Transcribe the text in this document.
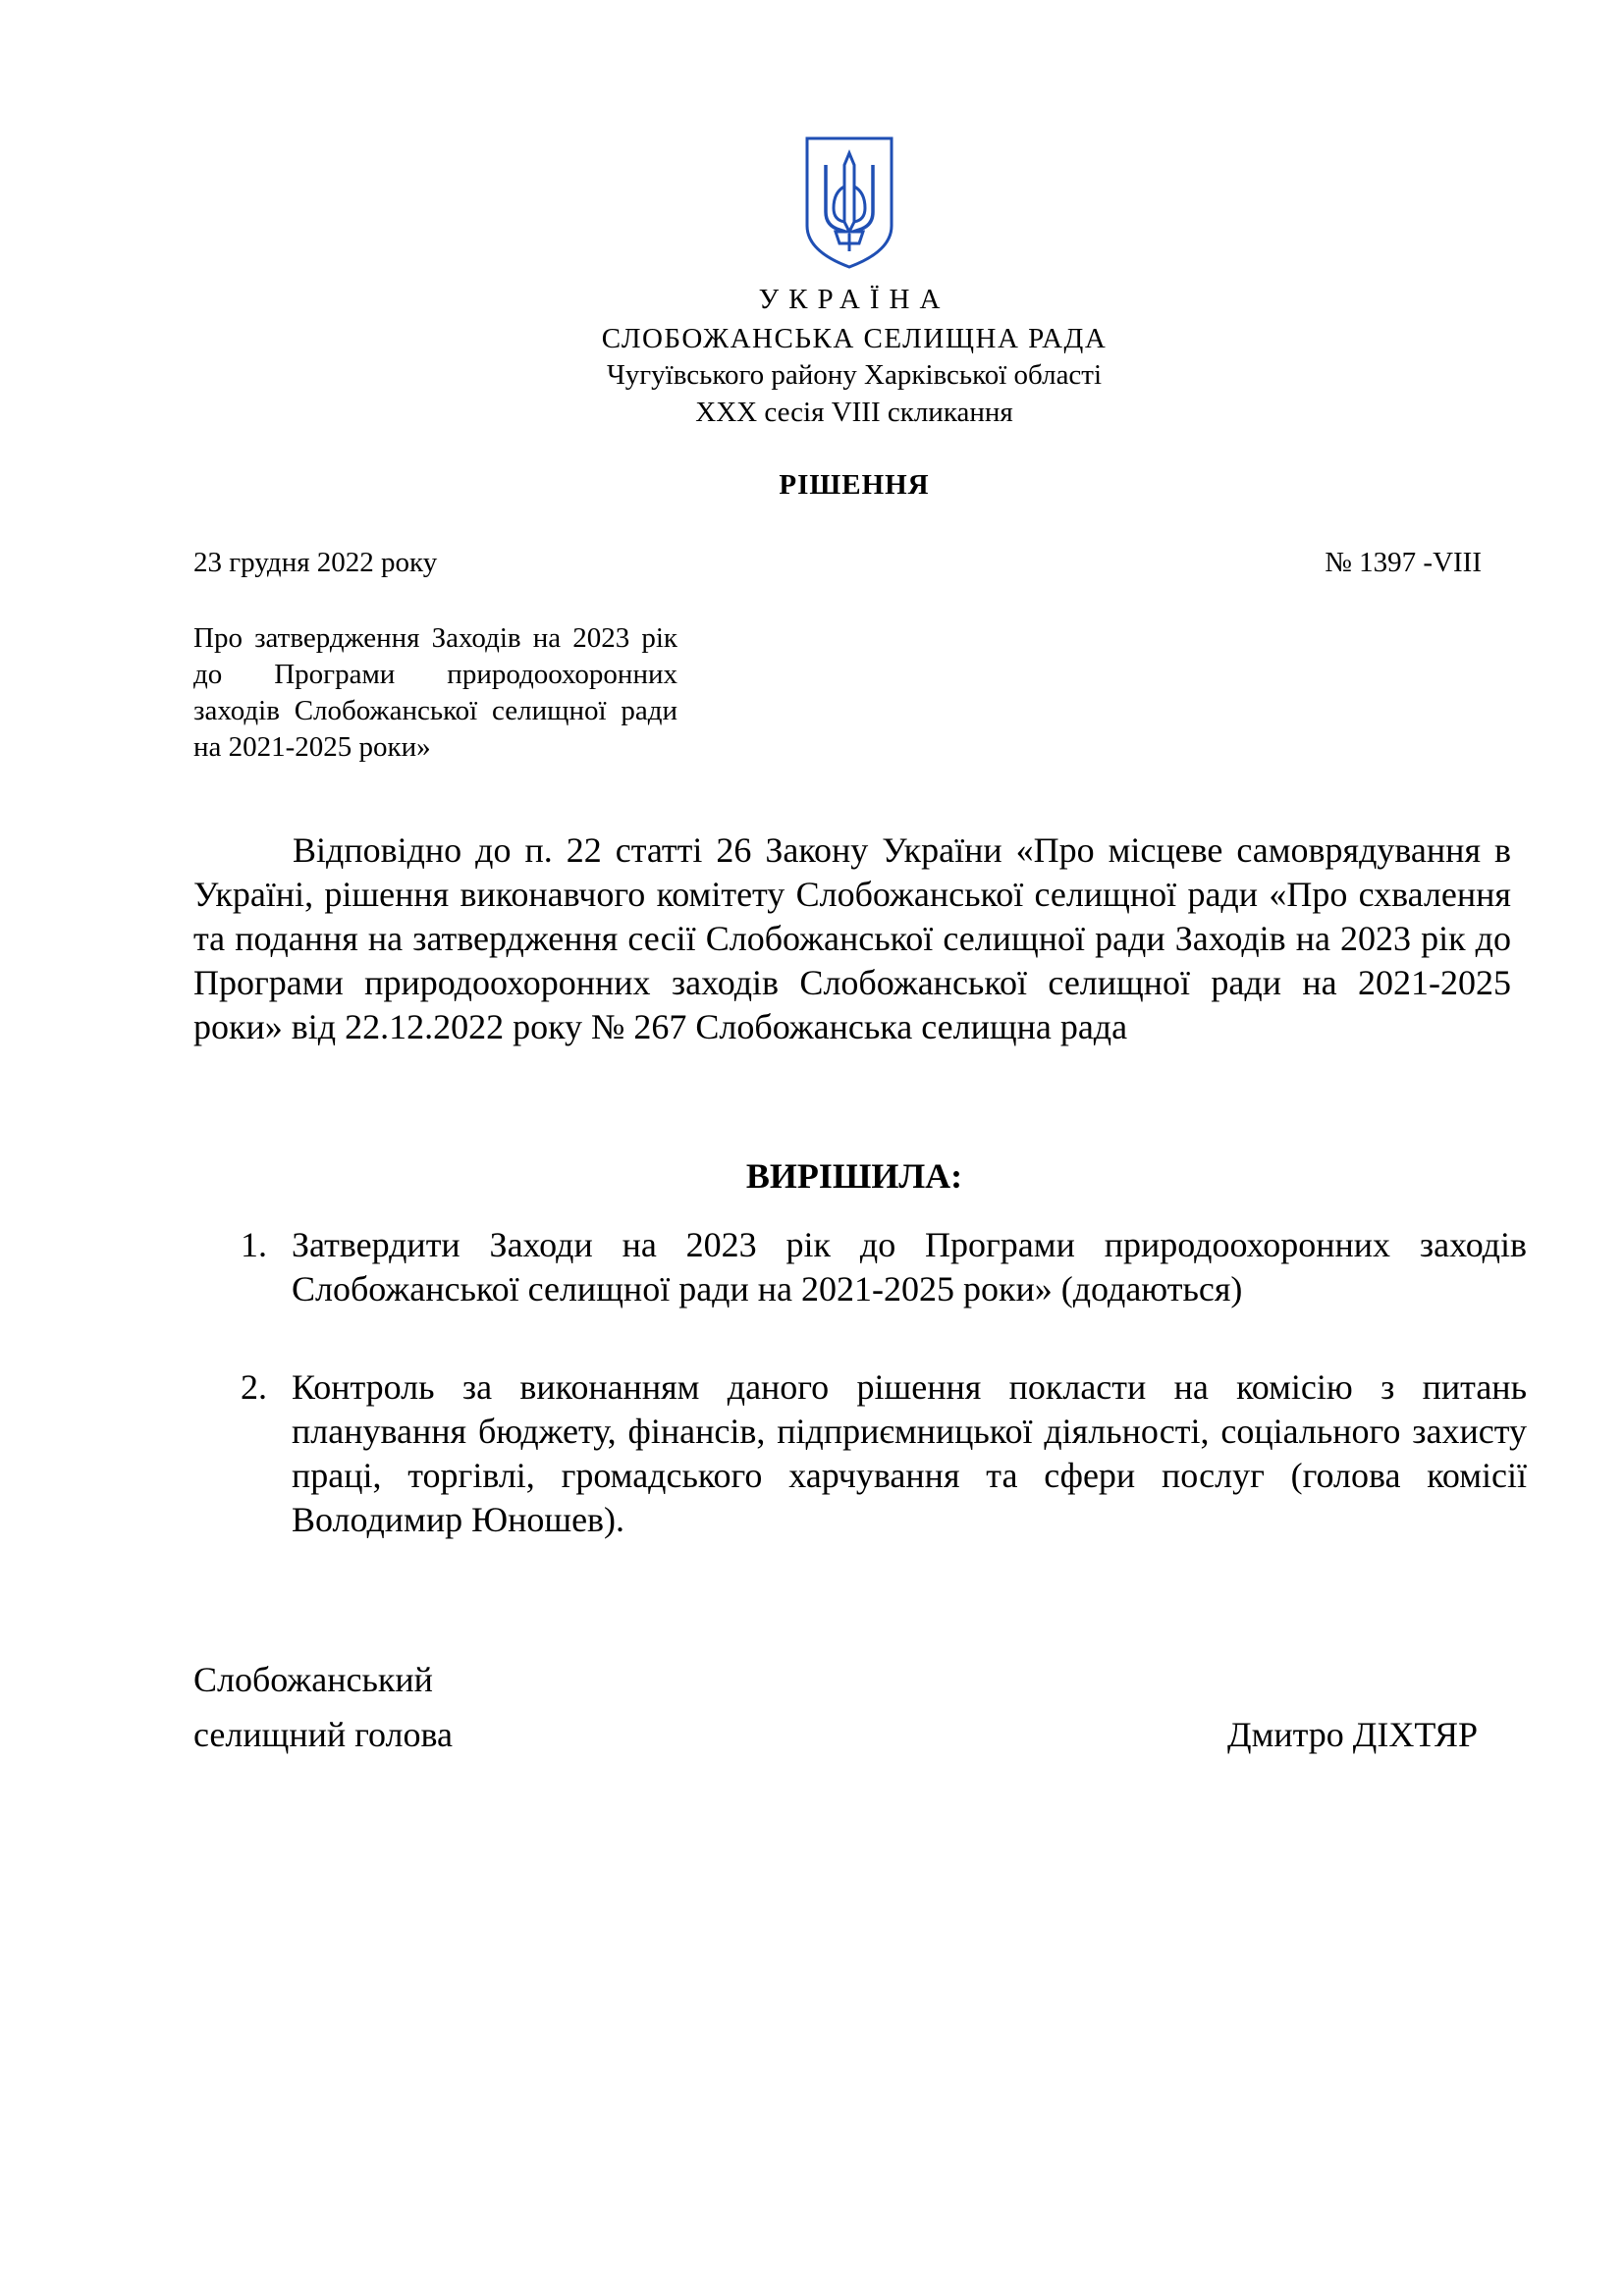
УКРАЇНА
СЛОБОЖАНСЬКА СЕЛИЩНА РАДА
Чугуївського району Харківської області
XXX сесія VIII скликання
РІШЕННЯ
23 грудня 2022 року	№ 1397 -VIII
Про затвердження Заходів на 2023 рік до Програми природоохоронних заходів Слобожанської селищної ради на 2021-2025 роки»
Відповідно до п. 22 статті 26 Закону України «Про місцеве самоврядування в Україні, рішення виконавчого комітету Слобожанської селищної ради «Про схвалення та подання на затвердження сесії Слобожанської селищної ради Заходів на 2023 рік до Програми природоохоронних заходів Слобожанської селищної ради на 2021-2025 роки» від 22.12.2022 року № 267 Слобожанська селищна рада
ВИРІШИЛА:
1. Затвердити Заходи на 2023 рік до Програми природоохоронних заходів Слобожанської селищної ради на 2021-2025 роки» (додаються)
2. Контроль за виконанням даного рішення покласти на комісію з питань планування бюджету, фінансів, підприємницької діяльності, соціального захисту праці, торгівлі, громадського харчування та сфери послуг (голова комісії Володимир Юношев).
Слобожанський
селищний голова	Дмитро ДІХТЯР
